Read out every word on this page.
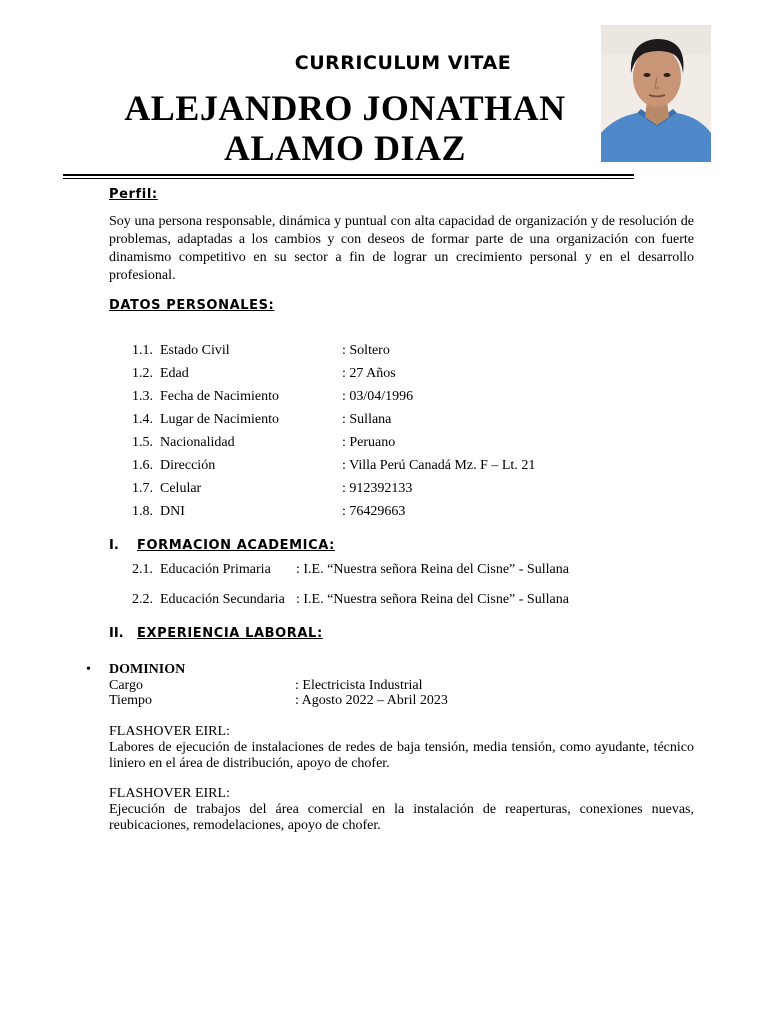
CURRICULUM VITAE
ALEJANDRO JONATHAN
ALAMO DIAZ
Perfil:
Soy una persona responsable, dinámica y puntual con alta capacidad de organización y de resolución de problemas, adaptadas a los cambios y con deseos de formar parte de una organización con fuerte dinamismo competitivo en su sector a fin de lograr un crecimiento personal y en el desarrollo profesional.
DATOS PERSONALES:
1.1. Estado Civil	: Soltero
1.2. Edad	: 27 Años
1.3. Fecha de Nacimiento	: 03/04/1996
1.4. Lugar de Nacimiento	: Sullana
1.5. Nacionalidad	: Peruano
1.6. Dirección	: Villa Perú Canadá Mz. F – Lt. 21
1.7. Celular	: 912392133
1.8. DNI	: 76429663
I. FORMACION ACADEMICA:
2.1. Educación Primaria : I.E. “Nuestra señora Reina del Cisne” - Sullana
2.2. Educación Secundaria : I.E. “Nuestra señora Reina del Cisne” - Sullana
II. EXPERIENCIA LABORAL:
• DOMINION
Cargo	: Electricista Industrial
Tiempo	: Agosto 2022 – Abril 2023
FLASHOVER EIRL:
Labores de ejecución de instalaciones de redes de baja tensión, media tensión, como ayudante, técnico liniero en el área de distribución, apoyo de chofer.
FLASHOVER EIRL:
Ejecución de trabajos del área comercial en la instalación de reaperturas, conexiones nuevas, reubicaciones, remodelaciones, apoyo de chofer.
